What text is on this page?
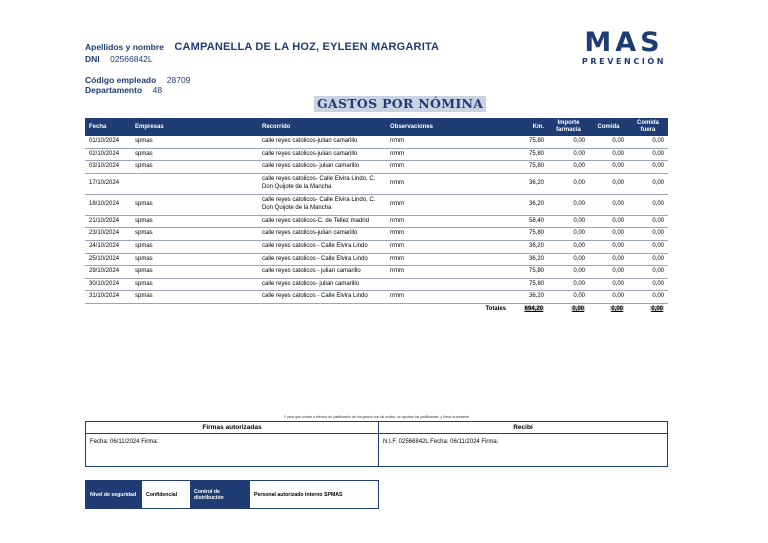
Apellidos y nombre CAMPANELLA DE LA HOZ, EYLEEN MARGARITA
DNI 02566842L
Código empleado 28709
Departamento 48
MAS
PREVENCIÓN
GASTOS POR NÓMINA
Fecha	Empresas	Recorrido	Observaciones	Km.	Importe farmacia	Comida	Comida fuera
01/10/2024	spmas	calle reyes catolicos-julian camarillo	rrmm	75,80	0,00	0,00	0,00
02/10/2024	spmas	calle reyes catolicos-julian camarillo	rrmm	75,80	0,00	0,00	0,00
03/10/2024	spmas	calle reyes catolicos- julian camarillo	rrmm	75,80	0,00	0,00	0,00
17/10/2024		calle reyes catolicos- Calle Elvira Lindo, C. Don Quijote de la Mancha	rrmm	36,20	0,00	0,00	0,00
18/10/2024	spmas	calle reyes catolicos- Calle Elvira Lindo, C. Don Quijote de la Mancha	rrmm	36,20	0,00	0,00	0,00
21/10/2024	spmas	calle reyes catolicos-C. de Tellez madrid	rrmm	58,40	0,00	0,00	0,00
23/10/2024	spmas	calle reyes catolicos-julian camarillo	rrmm	75,80	0,00	0,00	0,00
24/10/2024	spmas	calle reyes catolicos - Calle Elvira Lindo	rrmm	36,20	0,00	0,00	0,00
25/10/2024	spmas	calle reyes catolicos - Calle Elvira Lindo	rrmm	36,20	0,00	0,00	0,00
29/10/2024	spmas	calle reyes catolicos - julian camarillo	rrmm	75,80	0,00	0,00	0,00
30/10/2024	spmas	calle reyes catolicos- julian camarillo		75,80	0,00	0,00	0,00
31/10/2024	spmas	calle reyes catolicos - Calle Elvira Lindo	rrmm	36,20	0,00	0,00	0,00
			Totales	694,20	0,00	0,00	0,00
Y para que conste a efectos de justificación de los gastos con tal motivo, se aportan los justificantes, y firma la presente
Firmas autorizadas
Fecha: 06/11/2024 Firma:
Recibí
N.I.F. 02566842L Fecha: 06/11/2024 Firma:
Nivel de seguridad	Confidencial	Control de distribución	Personal autorizado interno SPMAS
